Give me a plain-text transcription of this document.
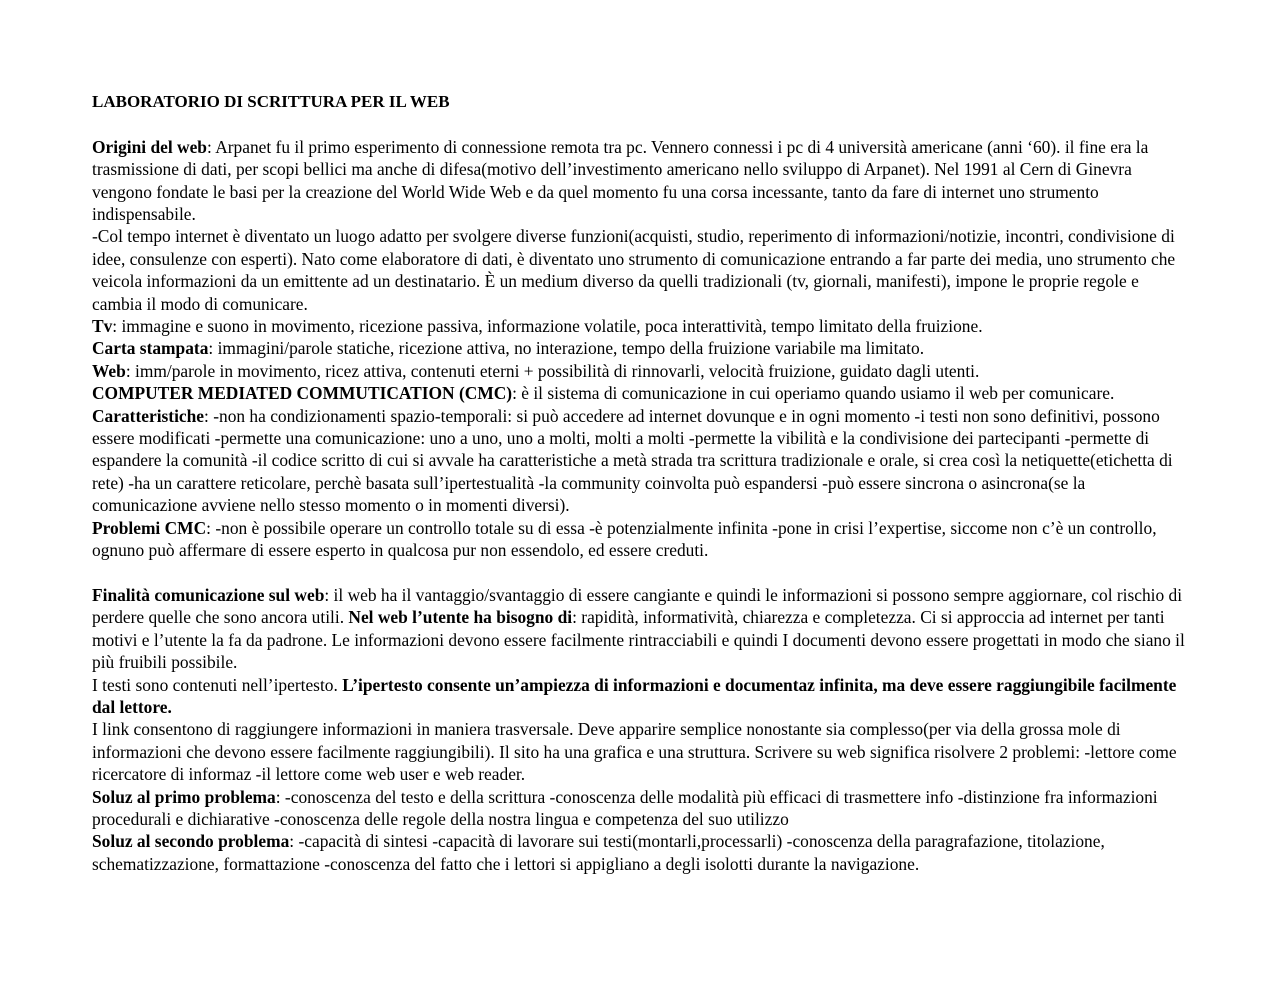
LABORATORIO DI SCRITTURA PER IL WEB

Origini del web: Arpanet fu il primo esperimento di connessione remota tra pc. Vennero connessi i pc di 4 università americane (anni ‘60). il fine era la trasmissione di dati, per scopi bellici ma anche di difesa(motivo dell’investimento americano nello sviluppo di Arpanet). Nel 1991 al Cern di Ginevra vengono fondate le basi per la creazione del World Wide Web e da quel momento fu una corsa incessante, tanto da fare di internet uno strumento indispensabile.

-Col tempo internet è diventato un luogo adatto per svolgere diverse funzioni(acquisti, studio, reperimento di informazioni/notizie, incontri, condivisione di idee, consulenze con esperti). Nato come elaboratore di dati, è diventato uno strumento di comunicazione entrando a far parte dei media, uno strumento che veicola informazioni da un emittente ad un destinatario. È un medium diverso da quelli tradizionali (tv, giornali, manifesti), impone le proprie regole e cambia il modo di comunicare.

Tv: immagine e suono in movimento, ricezione passiva, informazione volatile, poca interattività, tempo limitato della fruizione.

Carta stampata: immagini/parole statiche, ricezione attiva, no interazione, tempo della fruizione variabile ma limitato.

Web: imm/parole in movimento, ricez attiva, contenuti eterni + possibilità di rinnovarli, velocità fruizione, guidato dagli utenti.

COMPUTER MEDIATED COMMUTICATION (CMC): è il sistema di comunicazione in cui operiamo quando usiamo il web per comunicare. Caratteristiche: -non ha condizionamenti spazio-temporali: si può accedere ad internet dovunque e in ogni momento -i testi non sono definitivi, possono essere modificati -permette una comunicazione: uno a uno, uno a molti, molti a molti -permette la vibilità e la condivisione dei partecipanti -permette di espandere la comunità -il codice scritto di cui si avvale ha caratteristiche a metà strada tra scrittura tradizionale e orale, si crea così la netiquette(etichetta di rete) -ha un carattere reticolare, perchè basata sull’ipertestualità -la community coinvolta può espandersi -può essere sincrona o asincrona(se la comunicazione avviene nello stesso momento o in momenti diversi).

Problemi CMC: -non è possibile operare un controllo totale su di essa -è potenzialmente infinita -pone in crisi l’expertise, siccome non c’è un controllo, ognuno può affermare di essere esperto in qualcosa pur non essendolo, ed essere creduti.

Finalità comunicazione sul web: il web ha il vantaggio/svantaggio di essere cangiante e quindi le informazioni si possono sempre aggiornare, col rischio di perdere quelle che sono ancora utili. Nel web l’utente ha bisogno di: rapidità, informatività, chiarezza e completezza. Ci si approccia ad internet per tanti motivi e l’utente la fa da padrone. Le informazioni devono essere facilmente rintracciabili e quindi I documenti devono essere progettati in modo che siano il più fruibili possibile.

I testi sono contenuti nell’ipertesto. L’ipertesto consente un’ampiezza di informazioni e documentaz infinita, ma deve essere raggiungibile facilmente dal lettore.

I link consentono di raggiungere informazioni in maniera trasversale. Deve apparire semplice nonostante sia complesso(per via della grossa mole di informazioni che devono essere facilmente raggiungibili). Il sito ha una grafica e una struttura. Scrivere su web significa risolvere 2 problemi: -lettore come ricercatore di informaz -il lettore come web user e web reader.

Soluz al primo problema: -conoscenza del testo e della scrittura -conoscenza delle modalità più efficaci di trasmettere info -distinzione fra informazioni procedurali e dichiarative -conoscenza delle regole della nostra lingua e competenza del suo utilizzo

Soluz al secondo problema: -capacità di sintesi -capacità di lavorare sui testi(montarli,processarli) -conoscenza della paragrafazione, titolazione, schematizzazione, formattazione -conoscenza del fatto che i lettori si appigliano a degli isolotti durante la navigazione.
